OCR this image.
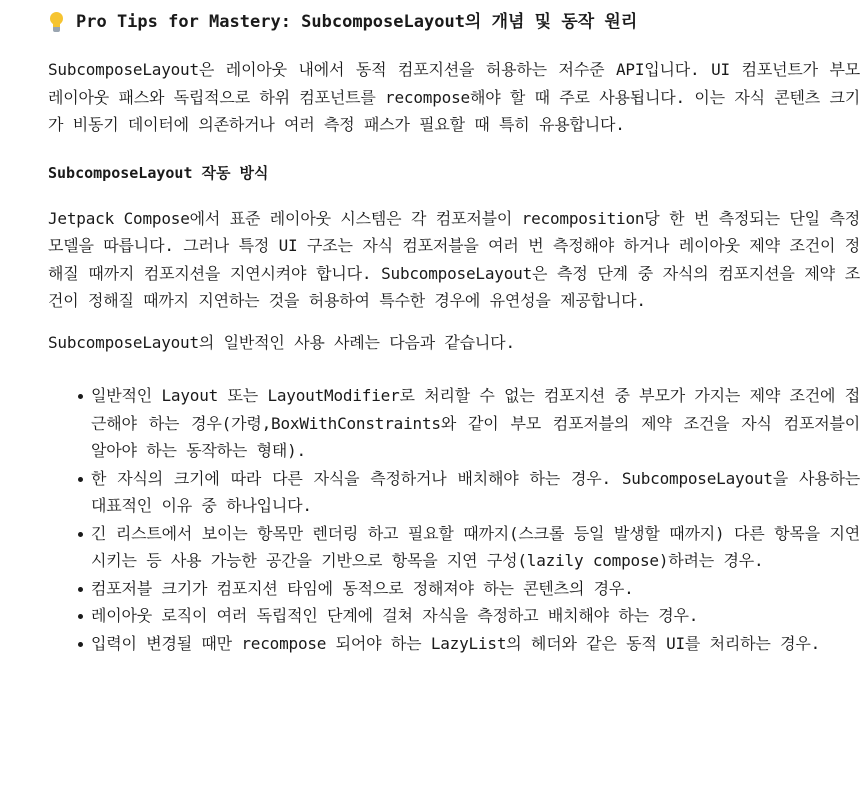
Pro Tips for Mastery: SubcomposeLayout의 개념 및 동작 원리

SubcomposeLayout은 레이아웃 내에서 동적 컴포지션을 허용하는 저수준 API입니다. UI 컴포넌트가 부모 레이아웃 패스와 독립적으로 하위 컴포넌트를 recompose해야 할 때 주로 사용됩니다. 이는 자식 콘텐츠 크기가 비동기 데이터에 의존하거나 여러 측정 패스가 필요할 때 특히 유용합니다.

SubcomposeLayout 작동 방식

Jetpack Compose에서 표준 레이아웃 시스템은 각 컴포저블이 recomposition당 한 번 측정되는 단일 측정 모델을 따릅니다. 그러나 특정 UI 구조는 자식 컴포저블을 여러 번 측정해야 하거나 레이아웃 제약 조건이 정해질 때까지 컴포지션을 지연시켜야 합니다. SubcomposeLayout은 측정 단계 중 자식의 컴포지션을 제약 조건이 정해질 때까지 지연하는 것을 허용하여 특수한 경우에 유연성을 제공합니다.

SubcomposeLayout의 일반적인 사용 사례는 다음과 같습니다.

일반적인 Layout 또는 LayoutModifier로 처리할 수 없는 컴포지션 중 부모가 가지는 제약 조건에 접근해야 하는 경우(가령,BoxWithConstraints와 같이 부모 컴포저블의 제약 조건을 자식 컴포저블이 알아야 하는 동작하는 형태).
한 자식의 크기에 따라 다른 자식을 측정하거나 배치해야 하는 경우. SubcomposeLayout을 사용하는 대표적인 이유 중 하나입니다.
긴 리스트에서 보이는 항목만 렌더링 하고 필요할 때까지(스크롤 등일 발생할 때까지) 다른 항목을 지연시키는 등 사용 가능한 공간을 기반으로 항목을 지연 구성(lazily compose)하려는 경우.
컴포저블 크기가 컴포지션 타임에 동적으로 정해져야 하는 콘텐츠의 경우.
레이아웃 로직이 여러 독립적인 단계에 걸쳐 자식을 측정하고 배치해야 하는 경우.
입력이 변경될 때만 recompose 되어야 하는 LazyList의 헤더와 같은 동적 UI를 처리하는 경우.
